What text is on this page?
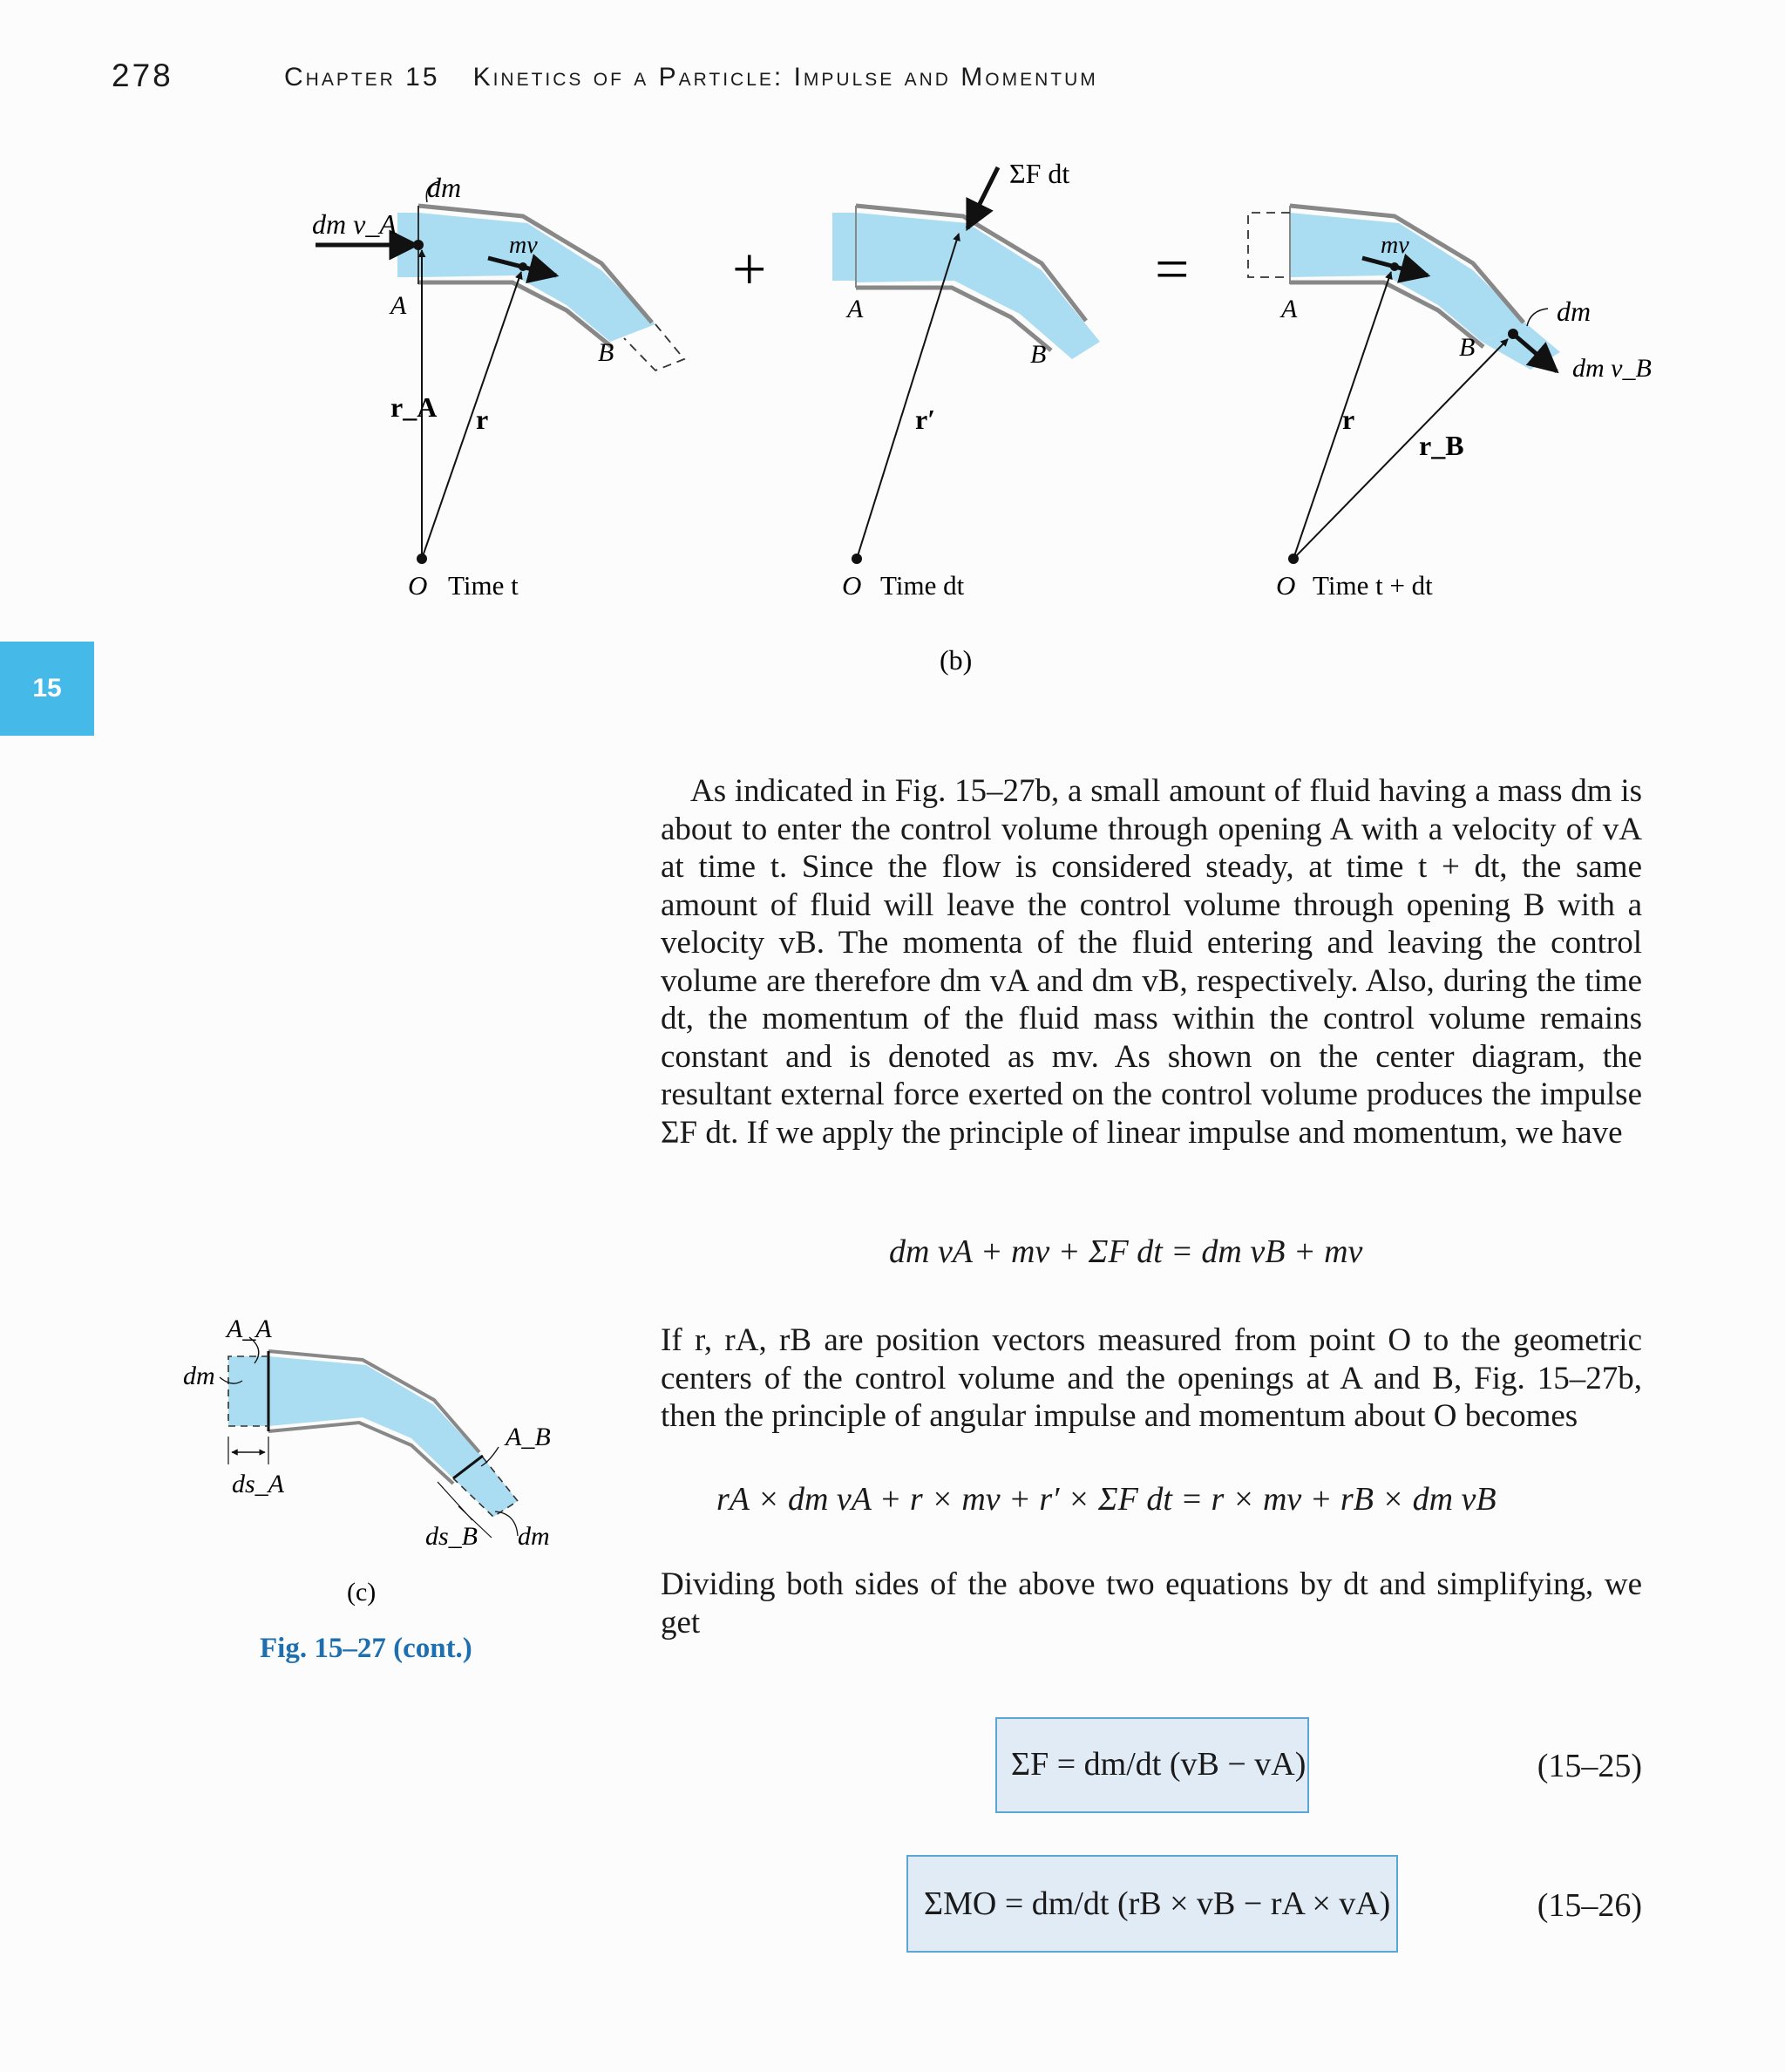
278	Chapter 15 Kinetics of a Particle: Impulse and Momentum
15
dm
dm v_A
mv
A
B
r_A r
O Time t
+
ΣF dt
A
B
r′
O Time dt
=	mv
A	dm
B
dm v_B
r
r_B
O Time t + dt
(b)
A_A
dm
ds_A
A_B
ds_B dm
(c)
Fig. 15–27 (cont.)

As indicated in Fig. 15–27b, a small amount of fluid having a mass dm is about to enter the control volume through opening A with a velocity of vA at time t. Since the flow is considered steady, at time t + dt, the same amount of fluid will leave the control volume through opening B with a velocity vB. The momenta of the fluid entering and leaving the control volume are therefore dm vA and dm vB, respectively. Also, during the time dt, the momentum of the fluid mass within the control volume remains constant and is denoted as mv. As shown on the center diagram, the resultant external force exerted on the control volume produces the impulse ΣF dt. If we apply the principle of linear impulse and momentum, we have

dm vA + mv + ΣF dt = dm vB + mv

If r, rA, rB are position vectors measured from point O to the geometric centers of the control volume and the openings at A and B, Fig. 15–27b, then the principle of angular impulse and momentum about O becomes

rA × dm vA + r × mv + r′ × ΣF dt = r × mv + rB × dm vB

Dividing both sides of the above two equations by dt and simplifying, we get

ΣF = dm/dt (vB − vA)	(15–25)
ΣMO = dm/dt (rB × vB − rA × vA)	(15–26)
